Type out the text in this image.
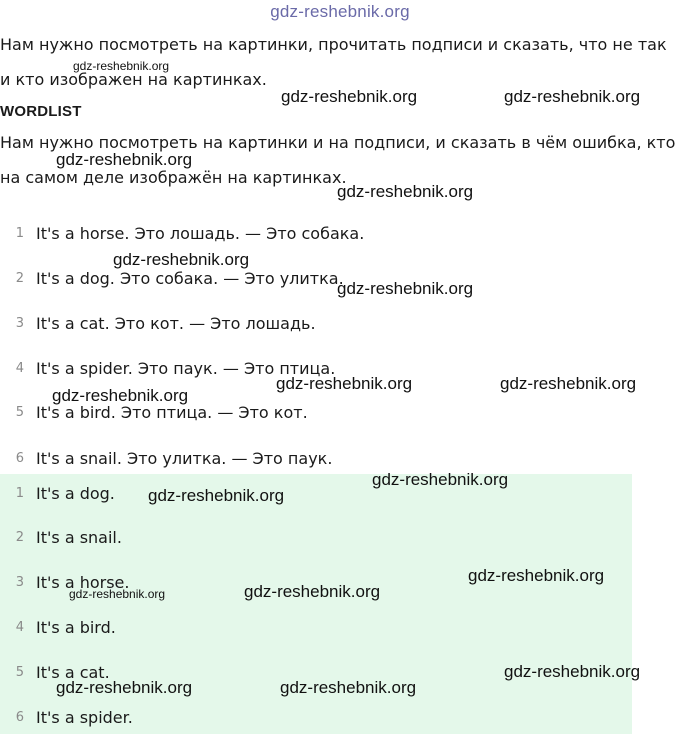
gdz-reshebnik.org
Нам нужно посмотреть на картинки, прочитать подписи и сказать, что не так и кто изображен на картинках.
WORDLIST
Нам нужно посмотреть на картинки и на подписи, и сказать в чём ошибка, кто на самом деле изображён на картинках.
1 It's a horse. Это лошадь. — Это собака.
2 It's a dog. Это собака. — Это улитка.
3 It's a cat. Это кот. — Это лошадь.
4 It's a spider. Это паук. — Это птица.
5 It's a bird. Это птица. — Это кот.
6 It's a snail. Это улитка. — Это паук.
1 It's a dog.
2 It's a snail.
3 It's a horse.
4 It's a bird.
5 It's a cat.
6 It's a spider.
gdz-reshebnik.org
gdz-reshebnik.org	gdz-reshebnik.org
gdz-reshebnik.org
gdz-reshebnik.org
gdz-reshebnik.org
gdz-reshebnik.org
gdz-reshebnik.org	gdz-reshebnik.org
gdz-reshebnik.org
gdz-reshebnik.org
gdz-reshebnik.org
gdz-reshebnik.org
gdz-reshebnik.org
gdz-reshebnik.org
gdz-reshebnik.org
gdz-reshebnik.org	gdz-reshebnik.org
